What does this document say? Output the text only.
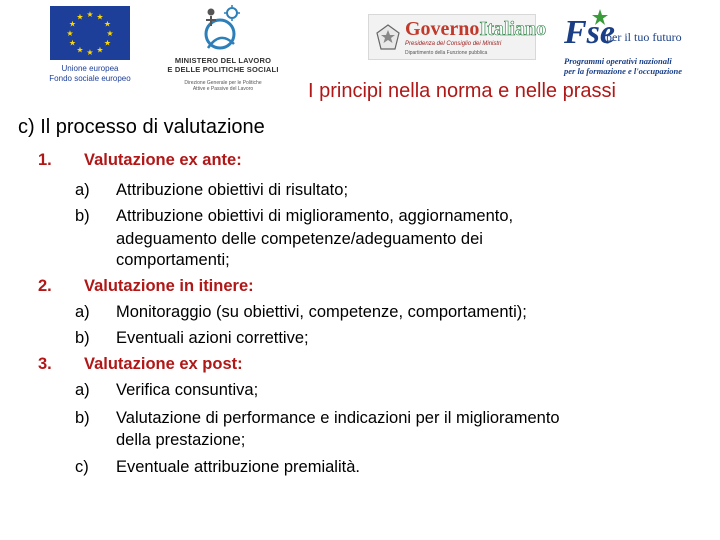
★ ★
★
★
★
★
★
★
★
★
★
★
Unione europea
Fondo sociale europeo
MINISTERO DEL LAVORO
E DELLE POLITICHE SOCIALI
Direzione Generale per le Politiche
Attive e Passive del Lavoro
GovernoItaliano
Presidenza del Consiglio dei Ministri
Dipartimento della Funzione pubblica
Fse
per il tuo futuro
Programmi operativi nazionali
per la formazione e l'occupazione
I principi nella norma e nelle prassi
c) Il processo di valutazione
1. Valutazione ex ante:
a) Attribuzione obiettivi di risultato;
b) Attribuzione obiettivi di miglioramento, aggiornamento,
adeguamento delle competenze/adeguamento dei
comportamenti;
2. Valutazione in itinere:
a) Monitoraggio (su obiettivi, competenze, comportamenti);
b) Eventuali azioni correttive;
3. Valutazione ex post:
a) Verifica consuntiva;
b) Valutazione di performance e indicazioni per il miglioramento
della prestazione;
c) Eventuale attribuzione premialità.
